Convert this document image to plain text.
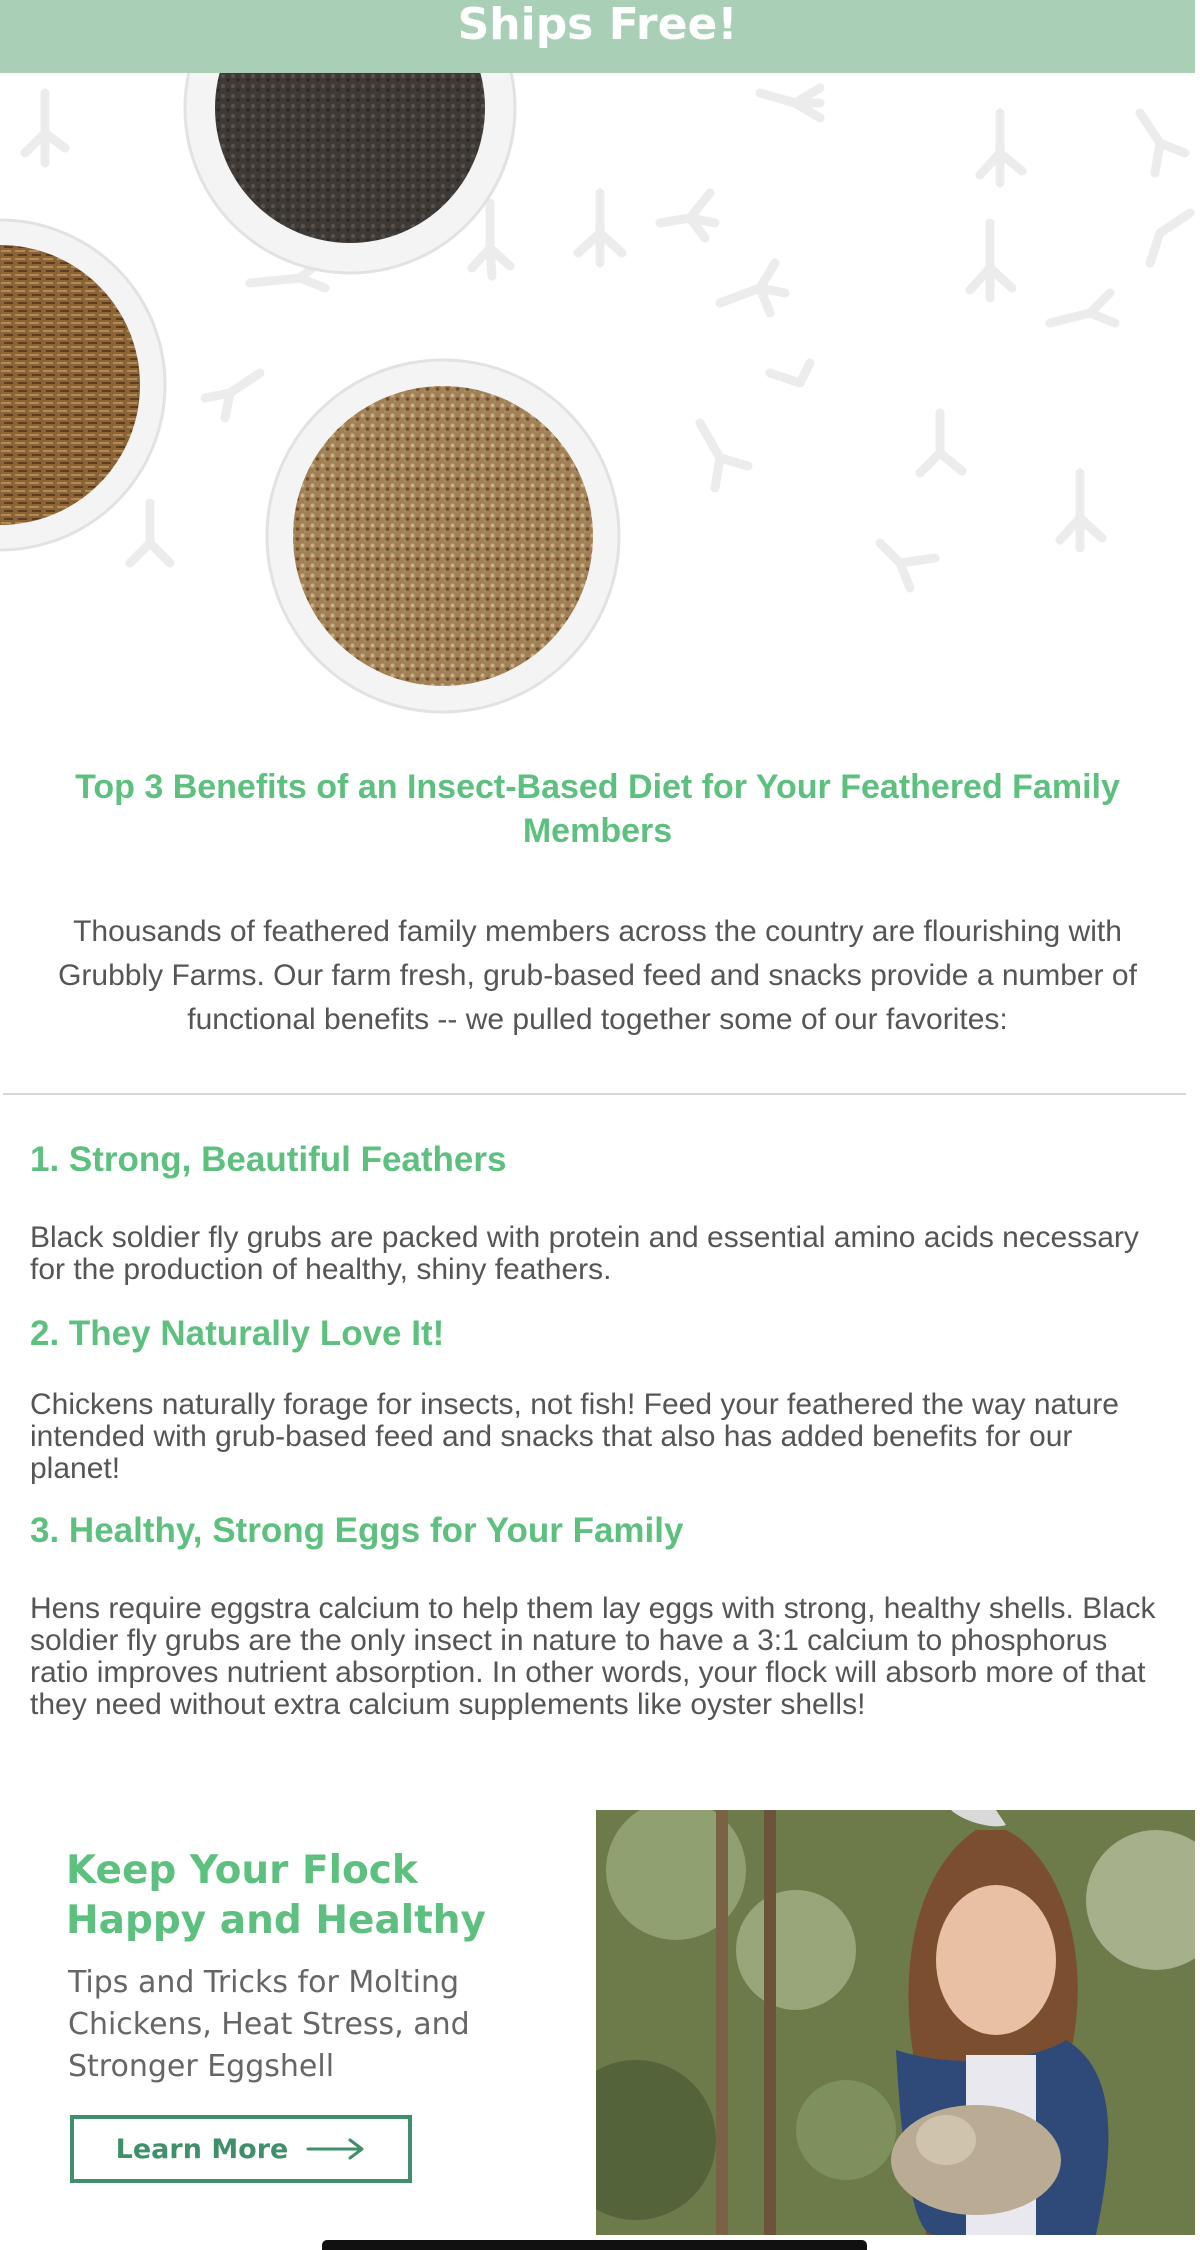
Ships Free!
Top 3 Benefits of an Insect-Based Diet for Your Feathered Family Members
Thousands of feathered family members across the country are flourishing with Grubbly Farms. Our farm fresh, grub-based feed and snacks provide a number of functional benefits -- we pulled together some of our favorites:
1. Strong, Beautiful Feathers
Black soldier fly grubs are packed with protein and essential amino acids necessary for the production of healthy, shiny feathers.
2. They Naturally Love It!
Chickens naturally forage for insects, not fish! Feed your feathered the way nature intended with grub-based feed and snacks that also has added benefits for our planet!
3. Healthy, Strong Eggs for Your Family
Hens require eggstra calcium to help them lay eggs with strong, healthy shells. Black soldier fly grubs are the only insect in nature to have a 3:1 calcium to phosphorus ratio improves nutrient absorption. In other words, your flock will absorb more of that they need without extra calcium supplements like oyster shells!
Keep Your Flock
Happy and Healthy
Tips and Tricks for Molting
Chickens, Heat Stress, and
Stronger Eggshell
Learn More
